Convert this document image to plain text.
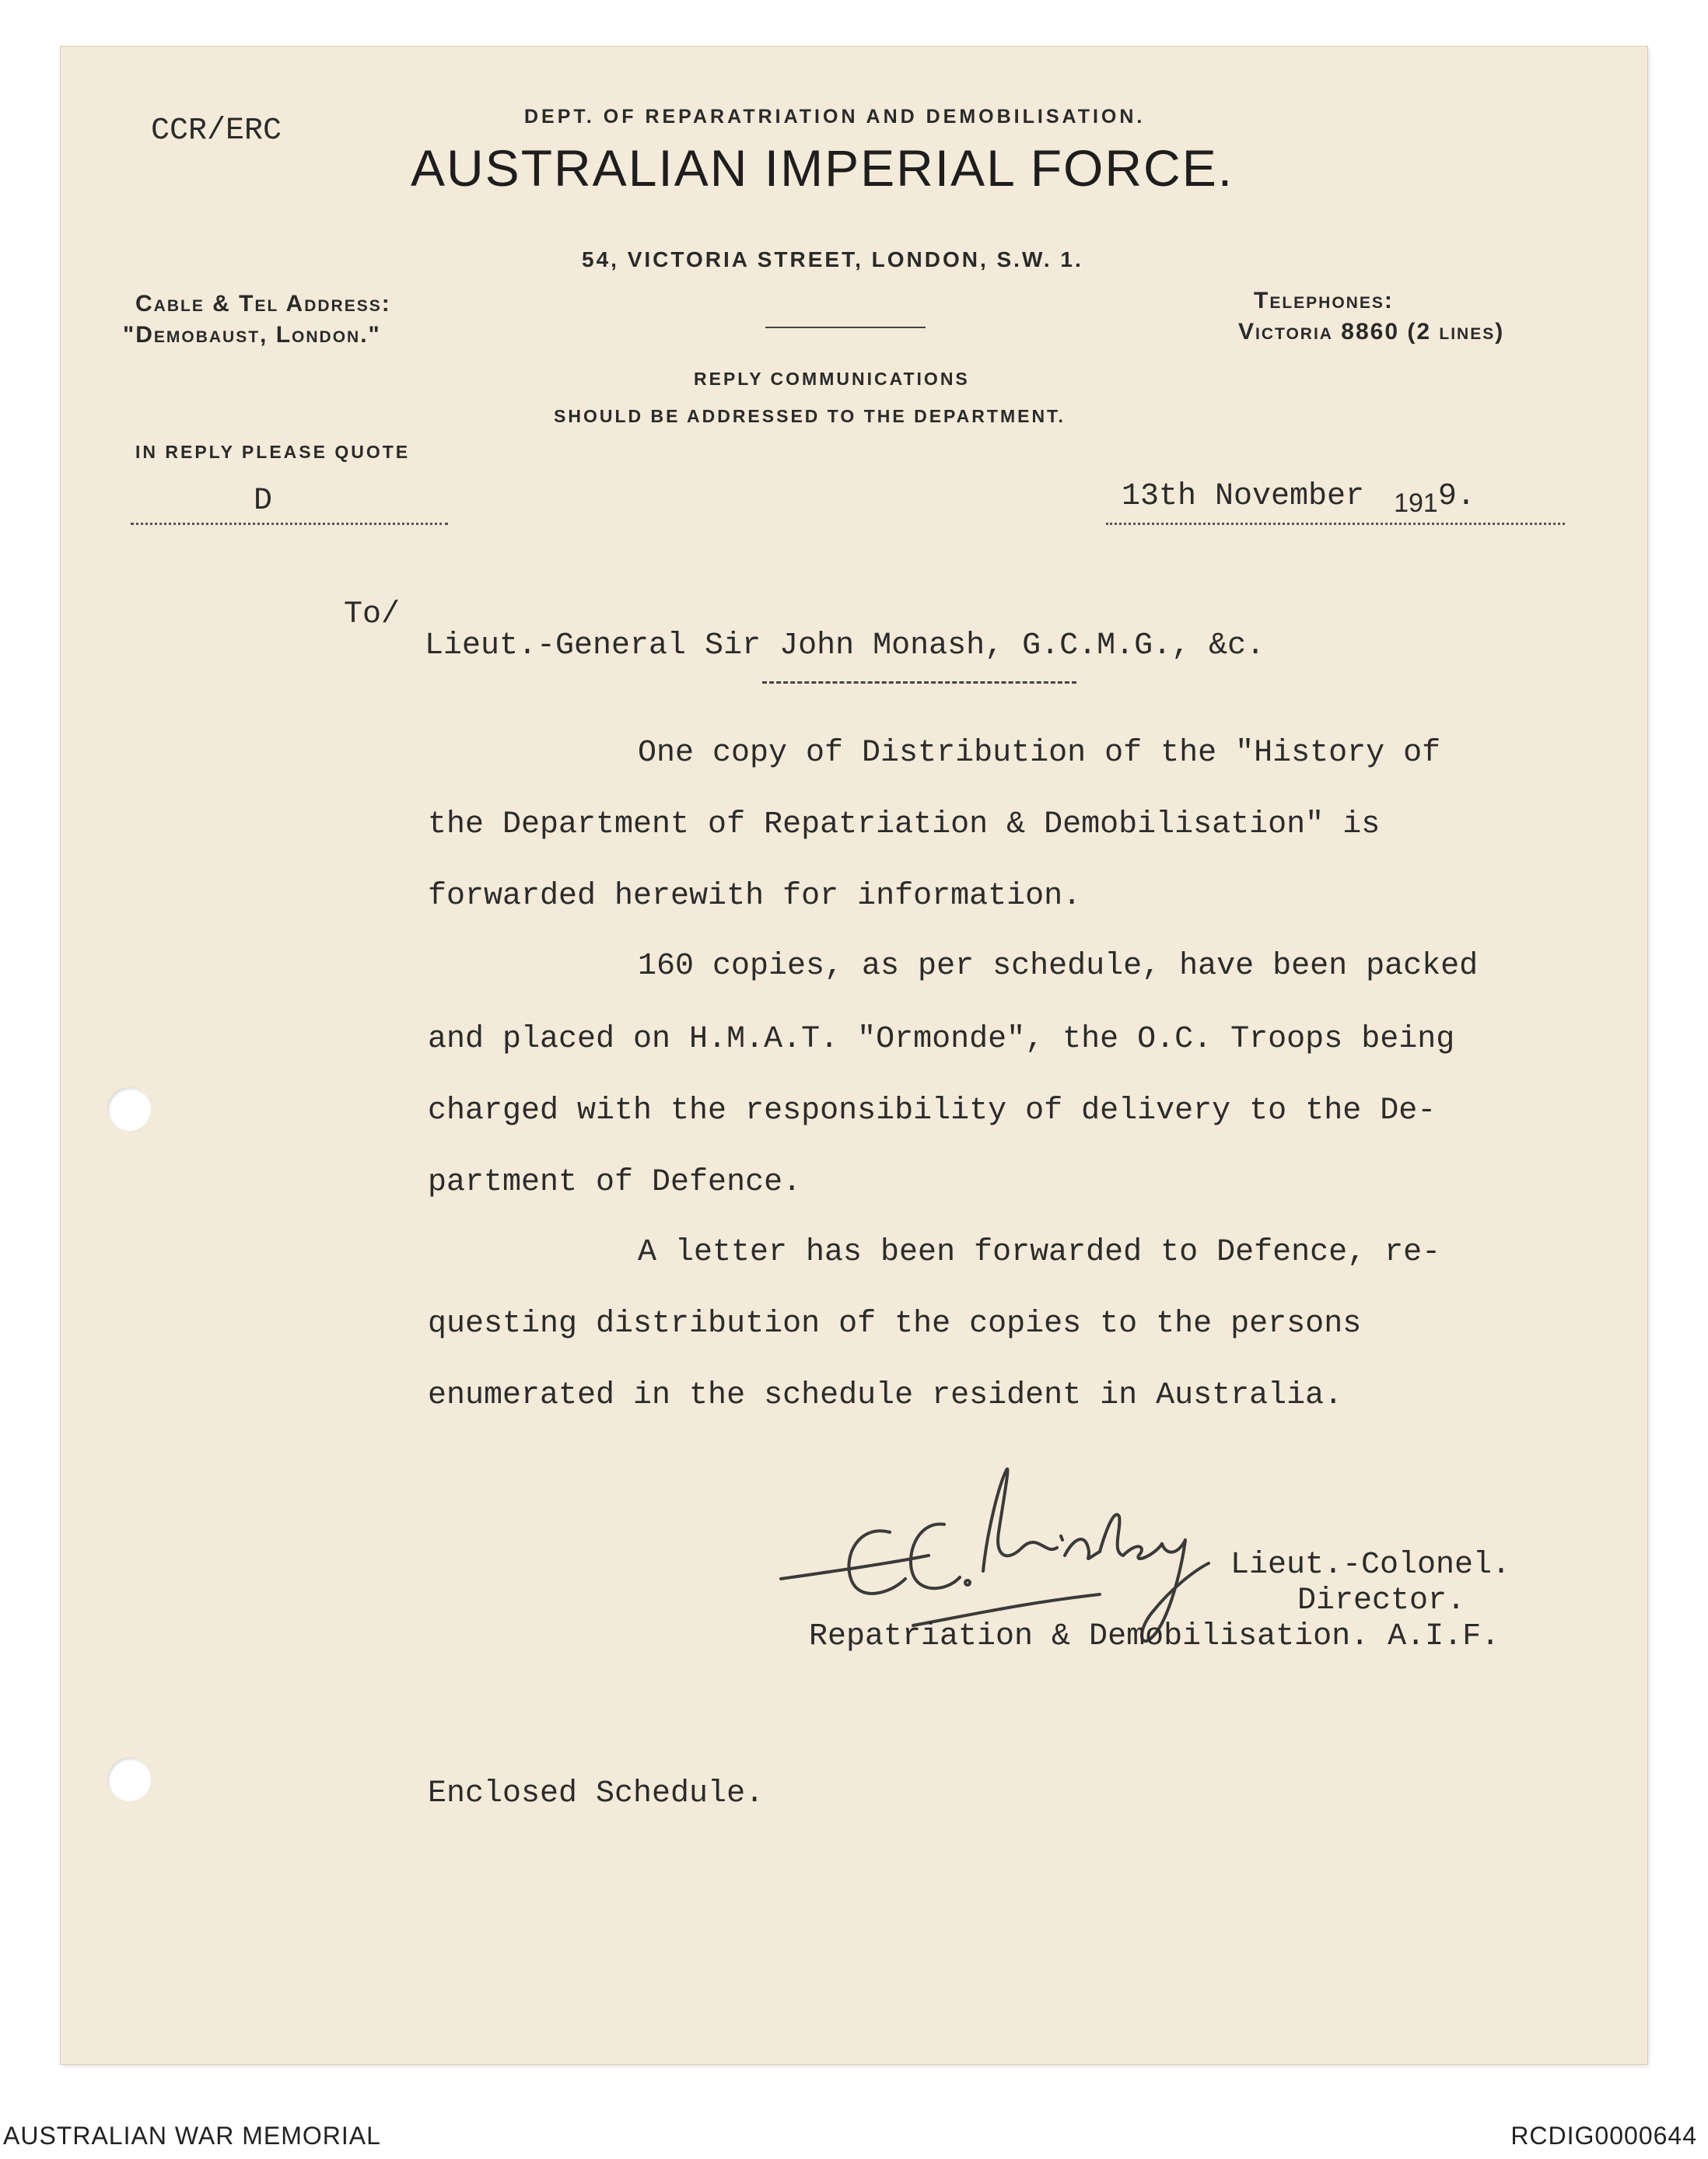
CCR/ERC	DEPT. OF REPARATRIATION AND DEMOBILISATION.
AUSTRALIAN IMPERIAL FORCE.
54, VICTORIA STREET, LONDON, S.W. 1.
Cable & Tel Address:
"Demobaust, London."
Telephones:
Victoria 8860 (2 lines)
REPLY COMMUNICATIONS
SHOULD BE ADDRESSED TO THE DEPARTMENT.
IN REPLY PLEASE QUOTE
D	13th November $_{191}$9.
To/
Lieut.-General Sir John Monash, G.C.M.G., &c.
One copy of Distribution of the "History of
the Department of Repatriation & Demobilisation" is
forwarded herewith for information.
160 copies, as per schedule, have been packed
and placed on H.M.A.T. "Ormonde", the O.C. Troops being
charged with the responsibility of delivery to the De-
partment of Defence.
A letter has been forwarded to Defence, re-
questing distribution of the copies to the persons
enumerated in the schedule resident in Australia.
Lieut.-Colonel.
Director.
Repatriation & Demobilisation. A.I.F.
Enclosed Schedule.
AUSTRALIAN WAR MEMORIAL	RCDIG0000644
